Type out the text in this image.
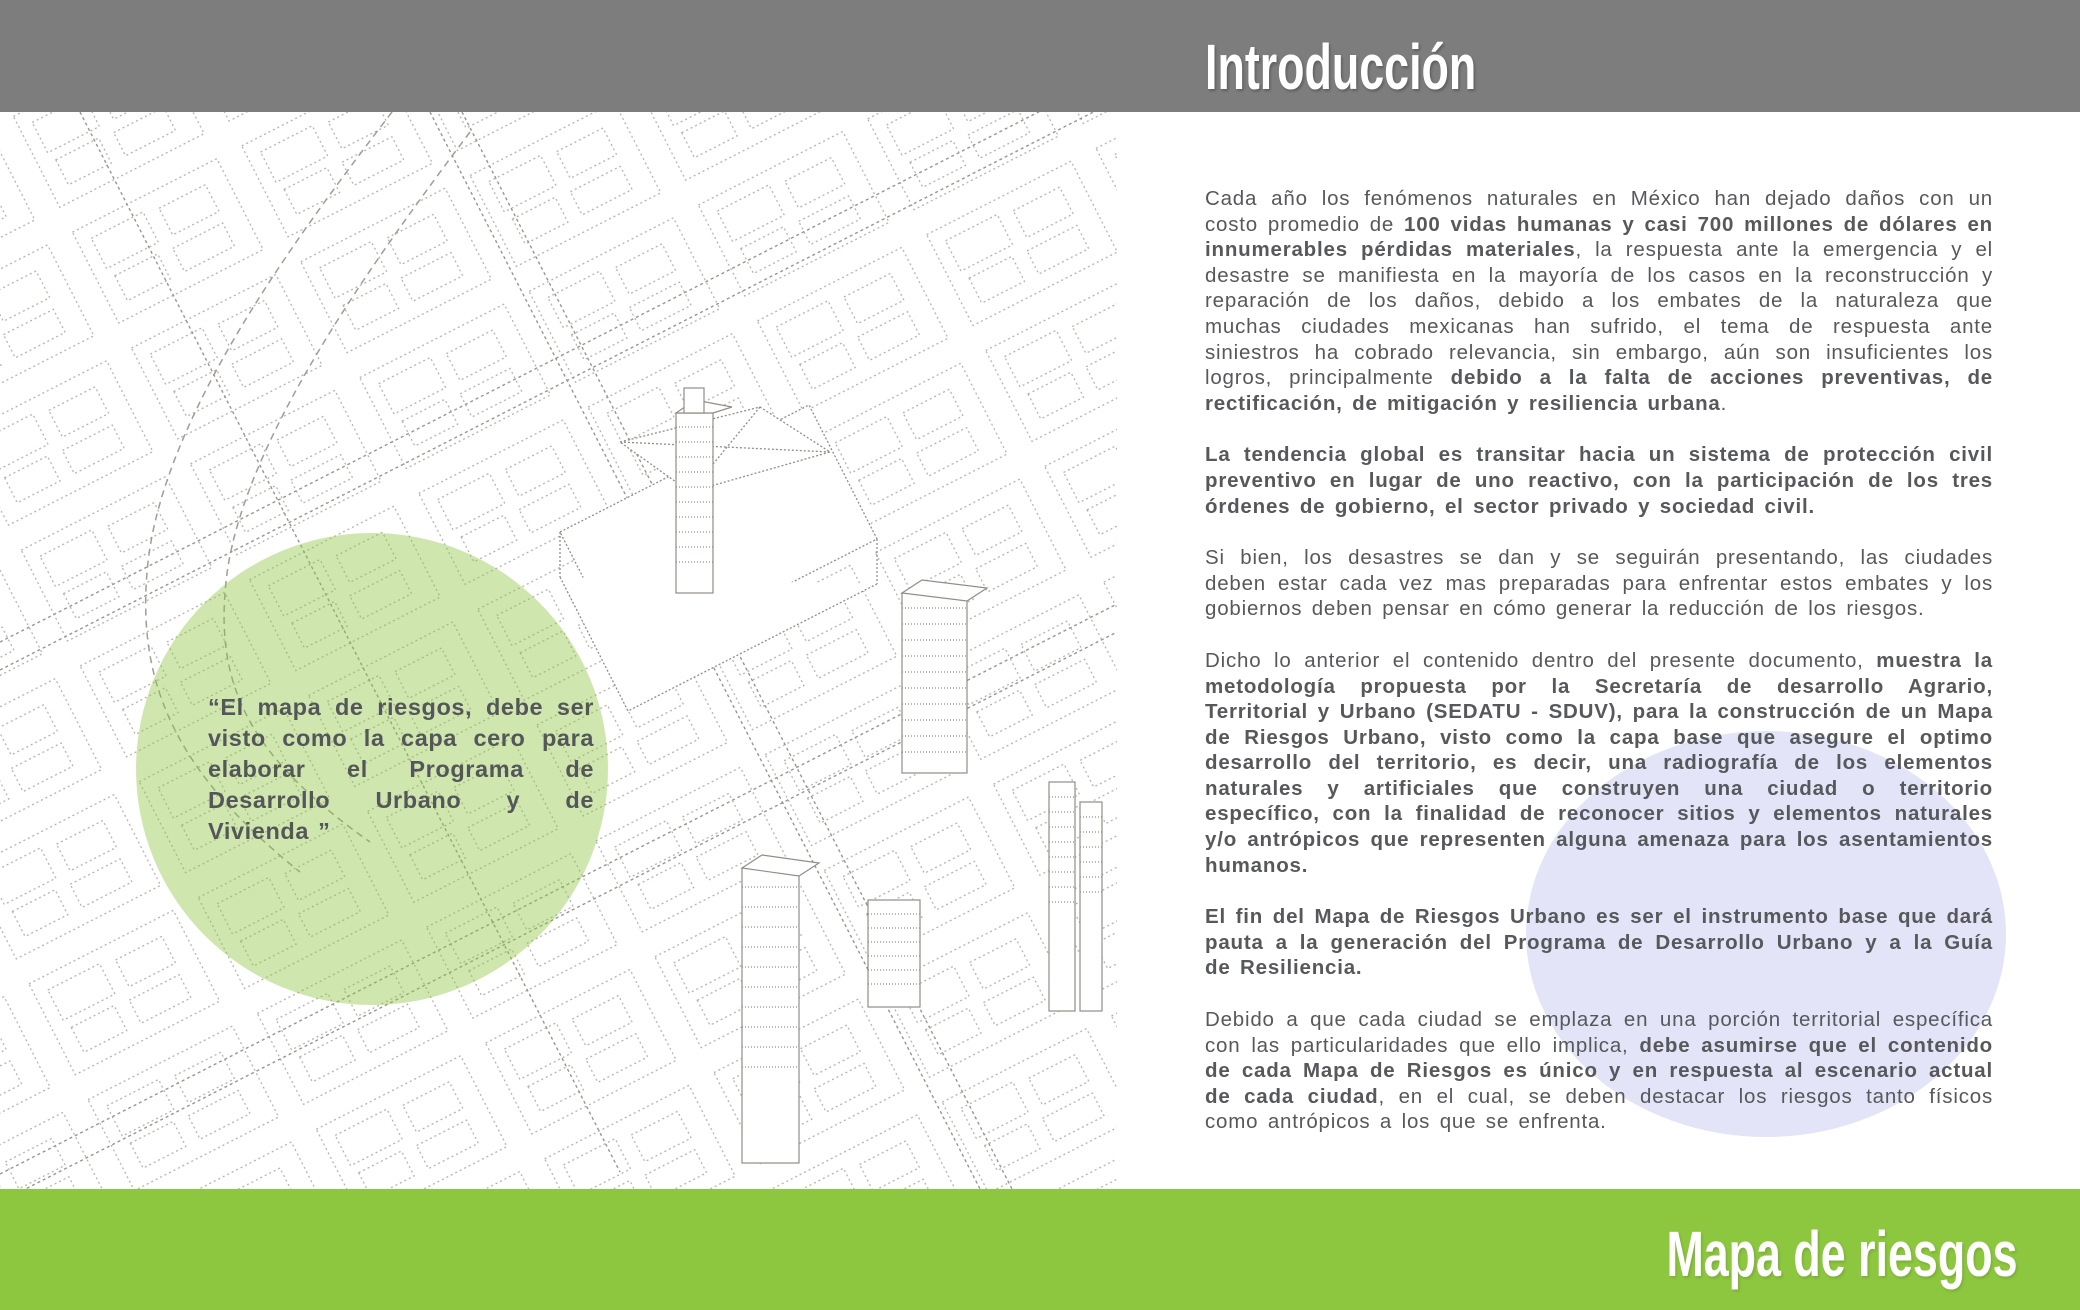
“El mapa de riesgos, debe ser visto como la capa cero para elaborar el Programa de Desarrollo Urbano y de Vivienda ”

Cada año los fenómenos naturales en México han dejado daños con un costo promedio de 100 vidas humanas y casi 700 millones de dólares en innumerables pérdidas materiales, la respuesta ante la emergencia y el desastre se manifiesta en la mayoría de los casos en la reconstrucción y reparación de los daños, debido a los embates de la naturaleza que muchas ciudades mexicanas han sufrido, el tema de respuesta ante siniestros ha cobrado relevancia, sin embargo, aún son insuficientes los logros, principalmente debido a la falta de acciones preventivas, de rectificación, de mitigación y resiliencia urbana.

La tendencia global es transitar hacia un sistema de protección civil preventivo en lugar de uno reactivo, con la participación de los tres órdenes de gobierno, el sector privado y sociedad civil.

Si bien, los desastres se dan y se seguirán presentando, las ciudades deben estar cada vez mas preparadas para enfrentar estos embates y los gobiernos deben pensar en cómo generar la reducción de los riesgos.

Dicho lo anterior el contenido dentro del presente documento, muestra la metodología propuesta por la Secretaría de desarrollo Agrario, Territorial y Urbano (SEDATU - SDUV), para la construcción de un Mapa de Riesgos Urbano, visto como la capa base que asegure el optimo desarrollo del territorio, es decir, una radiografía de los elementos naturales y artificiales que construyen una ciudad o territorio específico, con la finalidad de reconocer sitios y elementos naturales y/o antrópicos que representen alguna amenaza para los asentamientos humanos.

El fin del Mapa de Riesgos Urbano es ser el instrumento base que dará pauta a la generación del Programa de Desarrollo Urbano y a la Guía de Resiliencia.

Debido a que cada ciudad se emplaza en una porción territorial específica con las particularidades que ello implica, debe asumirse que el contenido de cada Mapa de Riesgos es único y en respuesta al escenario actual de cada ciudad, en el cual, se deben destacar los riesgos tanto físicos como antrópicos a los que se enfrenta.

Introducción
Mapa de riesgos
